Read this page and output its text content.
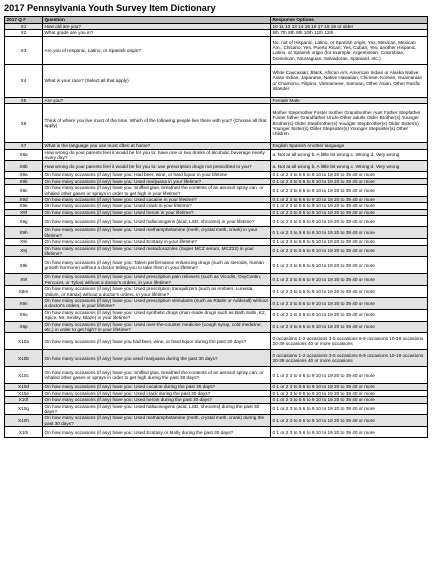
2017 Pennsylvania Youth Survey Item Dictionary
2017 Q #	Question	Response Options
X1	How old are you?	10 11 12 13 14 15 16 17 18 19 or older
X2	What grade are you in?	6th 7th 8th 9th 10th 11th 12th
X3	Are you of Hispanic, Latino, or Spanish origin?	No, not of Hispanic, Latino, or Spanish origin; Yes, Mexican, Mexican Am., Chicano; Yes, Puerto Rican; Yes, Cuban; Yes, another Hispanic, Latino, or Spanish origin (for example, Argentinean, Colombian, Dominican, Nicaraguan, Salvadoran, Spaniard, etc.)
X4	What is your race? (Select all that apply)	White Caucasian; Black, African Am; American Indian or Alaska Native; Asian Indian, Japanese, Native Hawaiian, Chinese, Korean, Guamanian or Chamorro, Filipino, Vietnamese, Samoan, Other Asian, Other Pacific Islander
X5	Are you?	Female Male
X6	Think of where you live most of the time. Which of the following people live there with you? (Choose all that apply)	Mother Stepmother Foster mother Grandmother Aunt Father Stepfather Foster father Grandfather Uncle Other adults Older Brother(s) Younger Brother(s) Older Stepbrother(s) Younger Stepbrother(s) Older Sister(s) Younger Sister(s) Older Stepsister(s) Younger Stepsister(s) Other children
X7	What is the language you use most often at home?	English Spanish Another language
X8a	How wrong do your parents feel it would be for you to: have one or two drinks of alcoholic beverage nearly every day?	a. Not at all wrong b. A little bit wrong c. Wrong d. Very wrong
X8b	How wrong do your parents feel it would be for you to: use prescription drugs not prescribed to you?	a. Not at all wrong b. A little bit wrong c. Wrong d. Very wrong
X9a	On how many occasions (if any) have you: Had beer, wine, or hard liquor in your lifetime	0 1 or 2 3 to 5 6 to 9 10 to 19 20 to 39 40 or more
X9b	On how many occasions (if any) have you: Used marijuana in your lifetime?	0 1 or 2 3 to 5 6 to 9 10 to 19 20 to 39 40 or more
X9c	On how many occasions (if any) have you: Sniffed glue, breathed the contents of an aerosol spray can, or inhaled other gases or sprays in order to get high in your lifetime?	0 1 or 2 3 to 5 6 to 9 10 to 19 20 to 39 40 or more
X9d	On how many occasions (if any) have you: Used cocaine in your lifetime?	0 1 or 2 3 to 5 6 to 9 10 to 19 20 to 39 40 or more
X9e	On how many occasions (if any) have you: Used crack in your lifetime?	0 1 or 2 3 to 5 6 to 9 10 to 19 20 to 39 40 or more
X9f	On how many occasions (if any) have you: Used heroin in your lifetime?	0 1 or 2 3 to 5 6 to 9 10 to 19 20 to 39 40 or more
X9g	On how many occasions (if any) have you: Used hallucinogens (acid, LSD, shrooms) in your lifetime?	0 1 or 2 3 to 5 6 to 9 10 to 19 20 to 39 40 or more
X9h	On how many occasions (if any) have you: Used methamphetamine (meth, crystal meth, crank) in your lifetime?	0 1 or 2 3 to 5 6 to 9 10 to 19 20 to 39 40 or more
X9i	On how many occasions (if any) have you: Used Ecstasy in your lifetime?	0 1 or 2 3 to 5 6 to 9 10 to 19 20 to 39 40 or more
X9j	On how many occasions (if any) have you: Used metaclorazoles (Super MCZ serum, MCZ22) in your lifetime?	0 1 or 2 3 to 5 6 to 9 10 to 19 20 to 39 40 or more
X9k	On how many occasions (if any) have you: Taken performance enhancing drugs (such as steroids, human growth hormone) without a doctor telling you to take them in your lifetime?	0 1 or 2 3 to 5 6 to 9 10 to 19 20 to 39 40 or more
X9l	On how many occasions (if any) have you: Used prescription pain relievers (such as Vicodin, OxyContin, Percocet, or Tylox) without a doctor's orders, in your lifetime?	0 1 or 2 3 to 5 6 to 9 10 to 19 20 to 39 40 or more
X9m	On how many occasions (if any) have you: Used prescription tranquilizers (such as Ambien, Lunesta, Valium, or Xanax) without a doctor's orders, in your lifetime?	0 1 or 2 3 to 5 6 to 9 10 to 19 20 to 39 40 or more
X9n	On how many occasions (if any) have you: Used prescription stimulants (such as Ritalin or Adderall) without a doctor's orders, in your lifetime?	0 1 or 2 3 to 5 6 to 9 10 to 19 20 to 39 40 or more
X9o	On how many occasions (if any) have you: Used synthetic drugs (man-made drugs such as Bath Salts, K2, Spice, Mr. Smiley, Blaze) in your lifetime?	0 1 or 2 3 to 5 6 to 9 10 to 19 20 to 39 40 or more
X9p	On how many occasions (if any) have you: Used over-the-counter medicine (cough syrup, cold medicine, etc.) in order to get high? in your lifetime?	0 1 or 2 3 to 5 6 to 9 10 to 19 20 to 39 40 or more
X10a	On how many occasions (if any) have you had beer, wine, or hard liquor during the past 30 days?	0 occasions 1-2 occasions 3-5 occasions 6-9 occasions 10-19 occasions 20-39 occasions 40 or more occasions
X10b	On how many occasions (if any) have you used marijuana during the past 30 days?	0 occasions 1-2 occasions 3-5 occasions 6-9 occasions 10-19 occasions 20-39 occasions 40 or more occasions
X10c	On how many occasions (if any) have you: Sniffed glue, breathed the contents of an aerosol spray can, or inhaled other gases or sprays in order to get high during the past 30 days?	0 1 or 2 3 to 5 6 to 9 10 to 19 20 to 39 40 or more
X10d	On how many occasions (if any) have you: Used cocaine during the past 30 days?	0 1 or 2 3 to 5 6 to 9 10 to 19 20 to 39 40 or more
X10e	On how many occasions (if any) have you: Used crack during the past 30 days?	0 1 or 2 3 to 5 6 to 9 10 to 19 20 to 39 40 or more
X10f	On how many occasions (if any) have you: Used heroin during the past 30 days?	0 1 or 2 3 to 5 6 to 9 10 to 19 20 to 39 40 or more
X10g	On how many occasions (if any) have you: Used hallucinogens (acid, LSD, shrooms) during the past 30 days?	0 1 or 2 3 to 5 6 to 9 10 to 19 20 to 39 40 or more
X10h	On how many occasions (if any) have you: Used methamphetamine (meth, crystal meth, crank) during the past 30 days?	0 1 or 2 3 to 5 6 to 9 10 to 19 20 to 39 40 or more
X10i	On how many occasions (if any) have you: Used Ecstasy or Molly during the past 30 days?	0 1 or 2 3 to 5 6 to 9 10 to 19 20 to 39 40 or more
